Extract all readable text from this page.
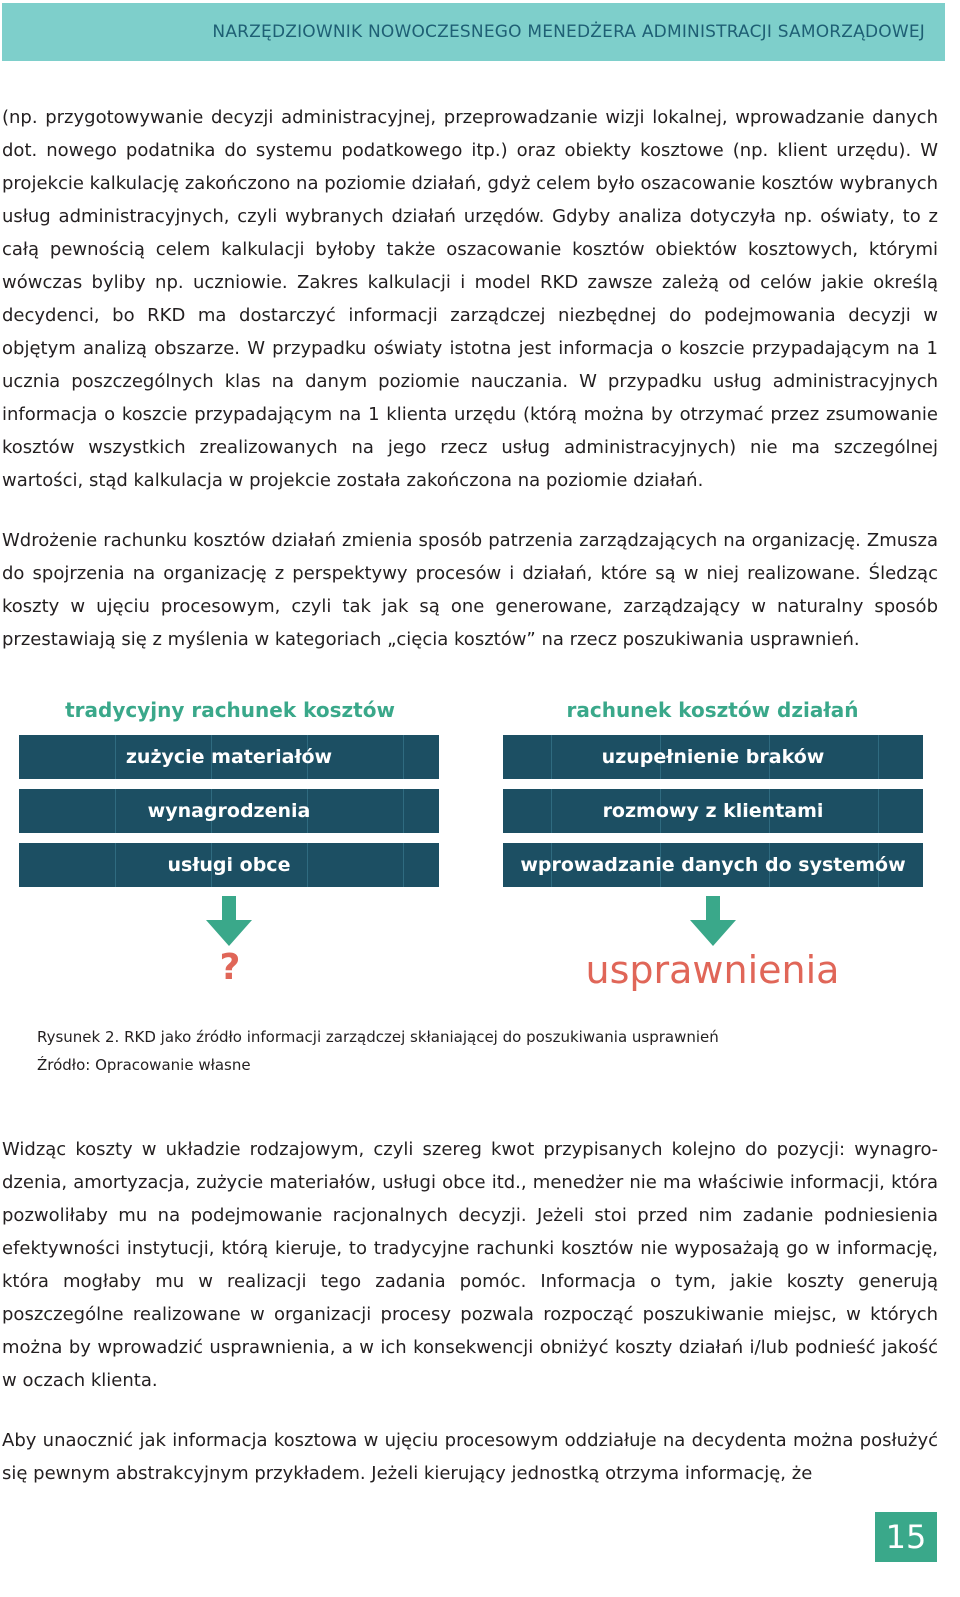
NARZĘDZIOWNIK NOWOCZESNEGO MENEDŻERA ADMINISTRACJI SAMORZĄDOWEJ

(np. przygotowywanie decyzji administracyjnej, przeprowadzanie wizji lokalnej, wprowadzanie danych dot. nowego podatnika do systemu podatkowego itp.) oraz obiekty kosztowe (np. klient urzędu). W projekcie kalkulację zakończono na poziomie działań, gdyż celem było oszacowanie kosztów wybranych usług administracyjnych, czyli wybranych działań urzędów. Gdyby analiza dotyczyła np. oświaty, to z całą pewnością celem kalkulacji byłoby także oszacowanie kosztów obiektów kosztowych, którymi wówczas byliby np. uczniowie. Zakres kalkulacji i model RKD zawsze zależą od celów jakie określą decydenci, bo RKD ma dostarczyć informacji zarządczej niezbędnej do podejmowania decyzji w objętym analizą obszarze. W przypadku oświaty istotna jest informacja o koszcie przypadającym na 1 ucznia poszczególnych klas na danym poziomie nauczania. W przypadku usług administracyjnych informacja o koszcie przypadającym na 1 klienta urzędu (którą można by otrzymać przez zsumowanie kosztów wszystkich zrealizowanych na jego rzecz usług administracyjnych) nie ma szczególnej wartości, stąd kalkulacja w projekcie została zakończona na poziomie działań.

Wdrożenie rachunku kosztów działań zmienia sposób patrzenia zarządzających na organizację. Zmusza do spojrzenia na organizację z perspektywy procesów i działań, które są w niej realizowane. Śledząc koszty w ujęciu procesowym, czyli tak jak są one generowane, zarządzający w naturalny sposób przestawiają się z myślenia w kategoriach „cięcia kosztów” na rzecz poszukiwania usprawnień.

tradycyjny rachunek kosztów	rachunek kosztów działań
zużycie materiałów
wynagrodzenia
usługi obce
uzupełnienie braków
rozmowy z klientami
wprowadzanie danych do systemów
?	usprawnienia
Rysunek 2. RKD jako źródło informacji zarządczej skłaniającej do poszukiwania usprawnień
Źródło: Opracowanie własne

Widząc koszty w układzie rodzajowym, czyli szereg kwot przypisanych kolejno do pozycji: wynagrodzenia, amortyzacja, zużycie materiałów, usługi obce itd., menedżer nie ma właściwie informacji, która pozwoliłaby mu na podejmowanie racjonalnych decyzji. Jeżeli stoi przed nim zadanie podniesienia efektywności instytucji, którą kieruje, to tradycyjne rachunki kosztów nie wyposażają go w informację, która mogłaby mu w realizacji tego zadania pomóc. Informacja o tym, jakie koszty generują poszczególne realizowane w organizacji procesy pozwala rozpocząć poszukiwanie miejsc, w których można by wprowadzić usprawnienia, a w ich konsekwencji obniżyć koszty działań i/lub podnieść jakość w oczach klienta.

Aby unaocznić jak informacja kosztowa w ujęciu procesowym oddziałuje na decydenta można posłużyć się pewnym abstrakcyjnym przykładem. Jeżeli kierujący jednostką otrzyma informację, że

15
